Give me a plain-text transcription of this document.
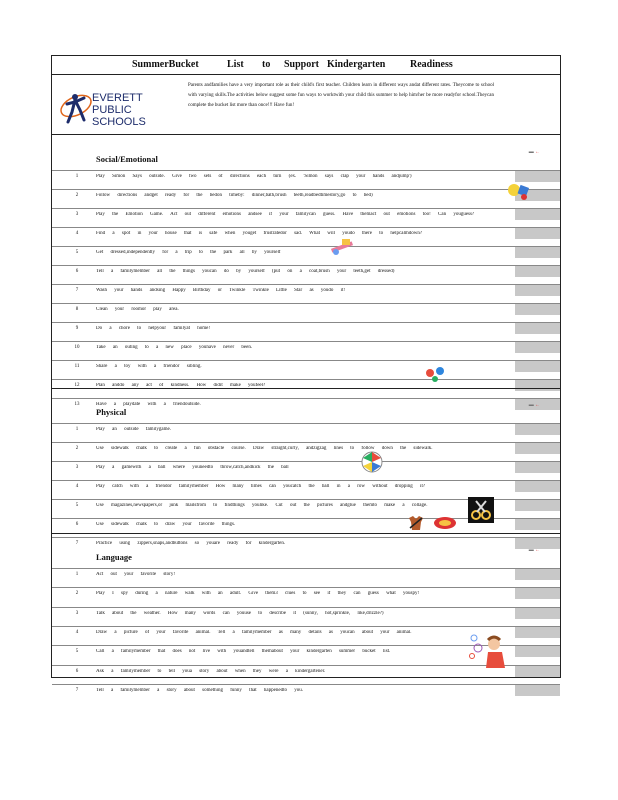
SummerBucket	List to Support Kindergarten Readiness
EVERETT
PUBLIC
SCHOOLS
Parents andfamilies have a very important role as their child's first teacher. Children learn in different ways andat different rates. Theycome to school with varying skills.The activities below suggest some fun ways to worktwith your child this summer to help him/her be more readyfor school.Theycan complete the bucket list more than once!!! Have fun!
Social/Emotional
▬ ←
1	Play Simon Says outside. Give two sets of directions each turn (ex. 'Simon says clap your hands andjump')
2	Follow directions andget ready for the bedon timeby: dinner,bath,brush teeth,readbedtimestory,go to bed)
3	Play the Emotion Game. Act out different emotions andsee if your familycan guess. Have themact out emotions too! Can youguess?
4	Find a spot in your house that is safe when youget frustratedor sad. What will youdo there to helpcalmdown?
5	Get dressed,independently for a trip to the park all by yourself
6	Tell a familymember all the things youcan do by yourself (put on a coat,brush your teeth,get dressed)
7	Wash your hands andsing Happy Birthday or Twinkle Twinkle Little Star as youdo it!
8	Clean your roomor play area.
9	Do a chore to helpyour familyat home!
10	Take an outing to a new place youhave never been.
11	Share a toy with a friendor sibling.
12	Plan anddo any act of kindness. How didit make youfeel?
13	Have a playdate with a friendoutside.
Physical
▬ ←
1	Play an outside familygame.
2	Use sidewalk chalk to create a fun obstacle course. Draw straight,curly, andzigzag lines to follow down the sidewalk.
3	Play a gamewith a ball where youneedto throw,catch,andkick the ball
4	Play catch with a friendor familymember How many times can youcatch the ball in a row without dropping it?
5	Use magazines,newspapers,or junk mailsfrom to findthings youlike. Cut out the pictures andglue themto make a collage.
6	Use sidewalk chalk to draw your favorite things.
7	Practice using zippers,snaps,andbuttons so youare ready for kindergarten.
Language
▬ ←
1	Act out your favorite story!
2	Play I spy during a nature walk with an adult. Give them3 clues to see if they can guess what youspy!
3	Talk about the weather. How many words can youuse to describe it (sunny, hot,sprinkle, like,drizzle?)
4	Draw a picture of your favorite animal. Tell a familymember as many details as youcan about your animal.
5	Call a familymember that does not live with youandtell themabout your kindergarten summer bucket list.
6	Ask a familymember to tell youa story about when they were a kindergartener.
7	Tell a familymember a story about something funny that happenedto you.
